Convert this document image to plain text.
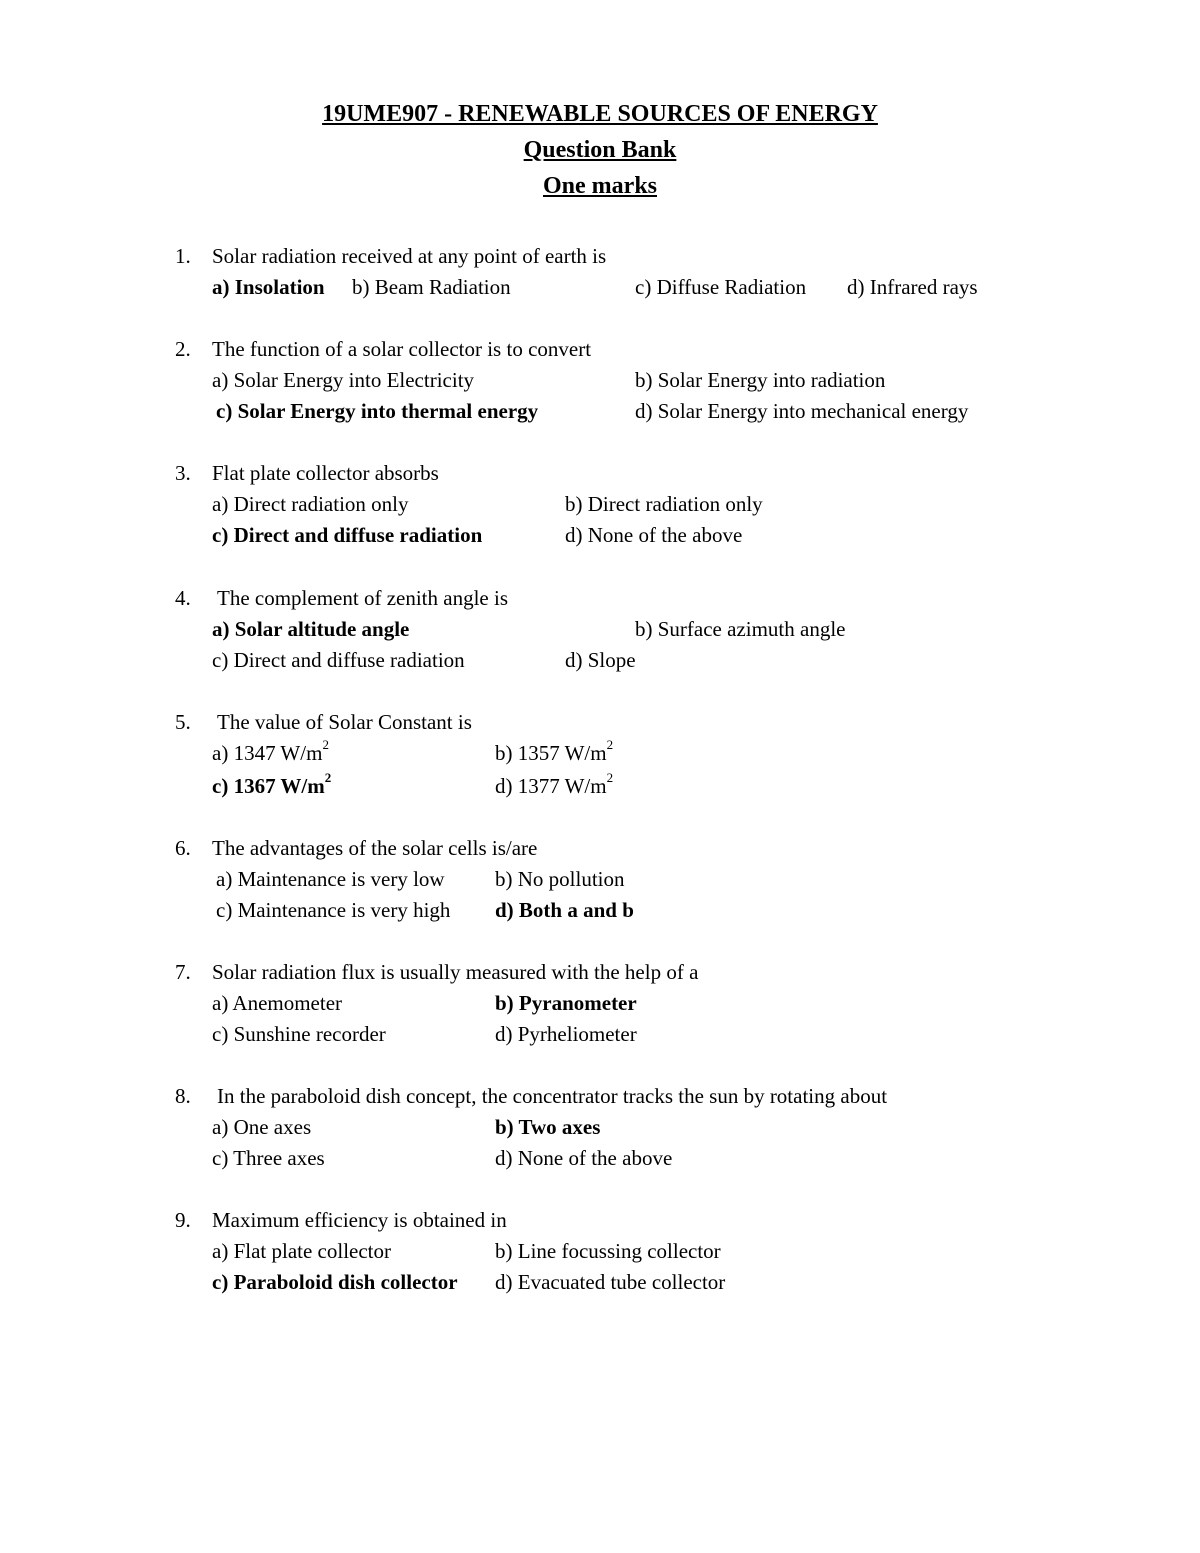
19UME907 - RENEWABLE SOURCES OF ENERGY
Question Bank
One marks
1. Solar radiation received at any point of earth is
a) Insolation b) Beam Radiation	c) Diffuse Radiation d) Infrared rays
2. The function of a solar collector is to convert
a) Solar Energy into Electricity	b) Solar Energy into radiation
c) Solar Energy into thermal energy	d) Solar Energy into mechanical energy
3. Flat plate collector absorbs
a) Direct radiation only	b) Direct radiation only
c) Direct and diffuse radiation	d) None of the above
4. The complement of zenith angle is
a) Solar altitude angle	b) Surface azimuth angle
c) Direct and diffuse radiation	d) Slope
5. The value of Solar Constant is
a) 1347 $W/m^2$	b) 1357 $W/m^2$
c) 1367 $W/m^2$	d) 1377 $W/m^2$
6. The advantages of the solar cells is/are
a) Maintenance is very low b) No pollution
c) Maintenance is very high d) Both a and b
7. Solar radiation flux is usually measured with the help of a
a) Anemometer	b) Pyranometer
c) Sunshine recorder	d) Pyrheliometer
8. In the paraboloid dish concept, the concentrator tracks the sun by rotating about
a) One axes	b) Two axes
c) Three axes	d) None of the above
9. Maximum efficiency is obtained in
a) Flat plate collector	b) Line focussing collector
c) Paraboloid dish collector d) Evacuated tube collector
